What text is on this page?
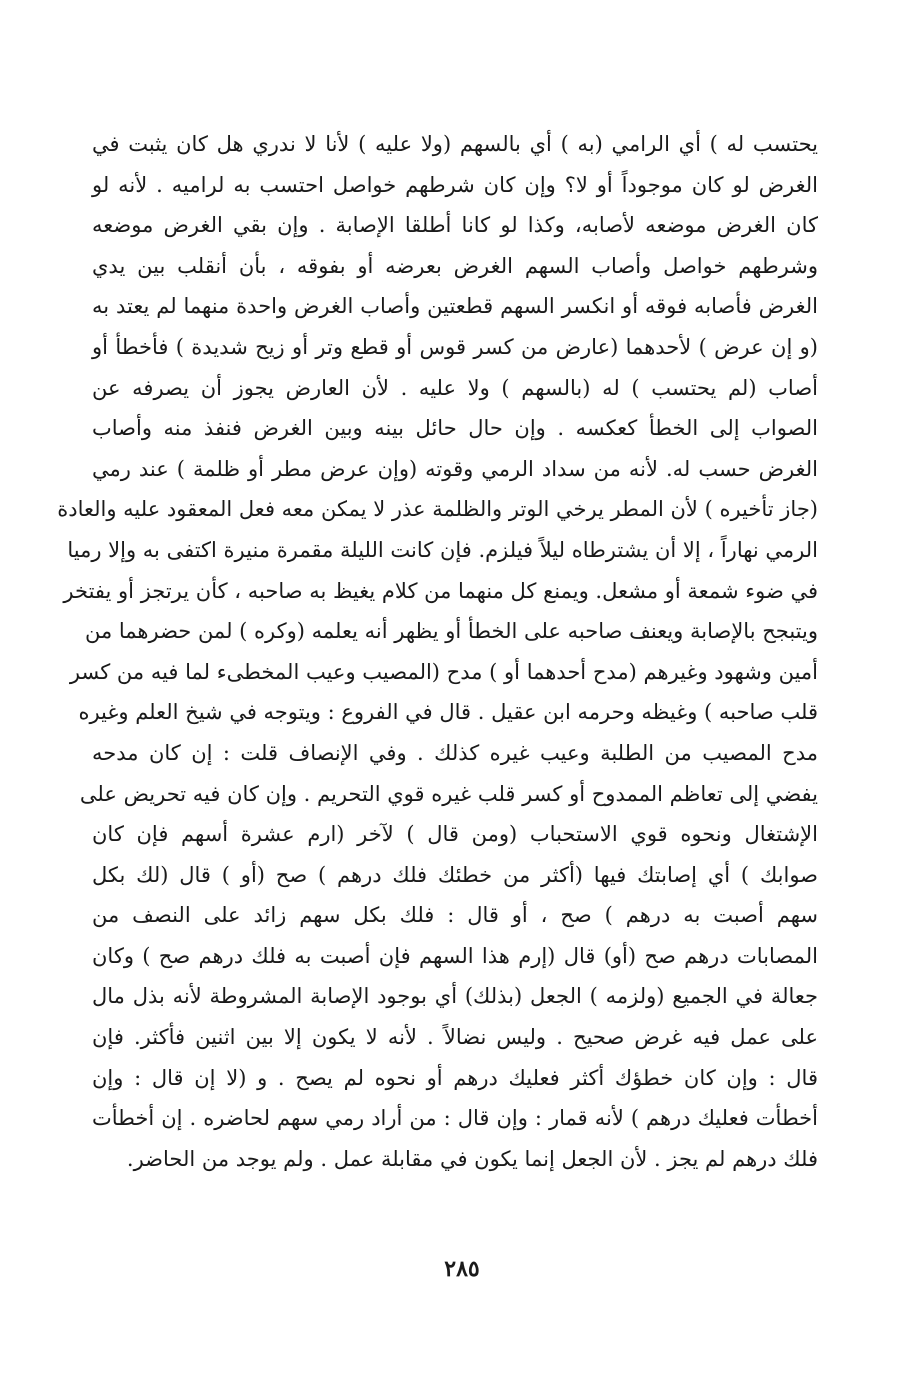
يحتسب له ) أي الرامي (به ) أي بالسهم (ولا عليه ) لأنا لا ندري هل كان يثبت في
الغرض لو كان موجوداً أو لا؟ وإن كان شرطهم خواصل احتسب به لراميه . لأنه لو
كان الغرض موضعه لأصابه، وكذا لو كانا أطلقا الإصابة . وإن بقي الغرض موضعه
وشرطهم خواصل وأصاب السهم الغرض بعرضه أو بفوقه ، بأن أنقلب بين يدي
الغرض فأصابه فوقه أو انكسر السهم قطعتين وأصاب الغرض واحدة منهما لم يعتد به
(و إن عرض ) لأحدهما (عارض من كسر قوس أو قطع وتر أو زيح شديدة ) فأخطأ أو
أصاب (لم يحتسب ) له (بالسهم ) ولا عليه . لأن العارض يجوز أن يصرفه عن
الصواب إلى الخطأ كعكسه . وإن حال حائل بينه وبين الغرض فنفذ منه وأصاب
الغرض حسب له. لأنه من سداد الرمي وقوته (وإن عرض مطر أو ظلمة ) عند رمي
(جاز تأخيره ) لأن المطر يرخي الوتر والظلمة عذر لا يمكن معه فعل المعقود عليه والعادة
الرمي نهاراً ، إلا أن يشترطاه ليلاً فيلزم. فإن كانت الليلة مقمرة منيرة اكتفى به وإلا رميا
في ضوء شمعة أو مشعل. ويمنع كل منهما من كلام يغيظ به صاحبه ، كأن يرتجز أو يفتخر
ويتبجح بالإصابة ويعنف صاحبه على الخطأ أو يظهر أنه يعلمه (وكره ) لمن حضرهما من
أمين وشهود وغيرهم (مدح أحدهما أو ) مدح (المصيب وعيب المخطىء لما فيه من كسر
قلب صاحبه ) وغيظه وحرمه ابن عقيل . قال في الفروع : ويتوجه في شيخ العلم وغيره
مدح المصيب من الطلبة وعيب غيره كذلك . وفي الإنصاف قلت : إن كان مدحه
يفضي إلى تعاظم الممدوح أو كسر قلب غيره قوي التحريم . وإن كان فيه تحريض على
الإشتغال ونحوه قوي الاستحباب (ومن قال ) لآخر (ارم عشرة أسهم فإن كان
صوابك ) أي إصابتك فيها (أكثر من خطئك فلك درهم ) صح (أو ) قال (لك بكل
سهم أصبت به درهم ) صح ، أو قال : فلك بكل سهم زائد على النصف من
المصابات درهم صح (أو) قال (إرم هذا السهم فإن أصبت به فلك درهم صح ) وكان
جعالة في الجميع (ولزمه ) الجعل (بذلك) أي بوجود الإصابة المشروطة لأنه بذل مال
على عمل فيه غرض صحيح . وليس نضالاً . لأنه لا يكون إلا بين اثنين فأكثر. فإن
قال : وإن كان خطؤك أكثر فعليك درهم أو نحوه لم يصح . و (لا إن قال : وإن
أخطأت فعليك درهم ) لأنه قمار : وإن قال : من أراد رمي سهم لحاضره . إن أخطأت
فلك درهم لم يجز . لأن الجعل إنما يكون في مقابلة عمل . ولم يوجد من الحاضر.
٢٨٥
